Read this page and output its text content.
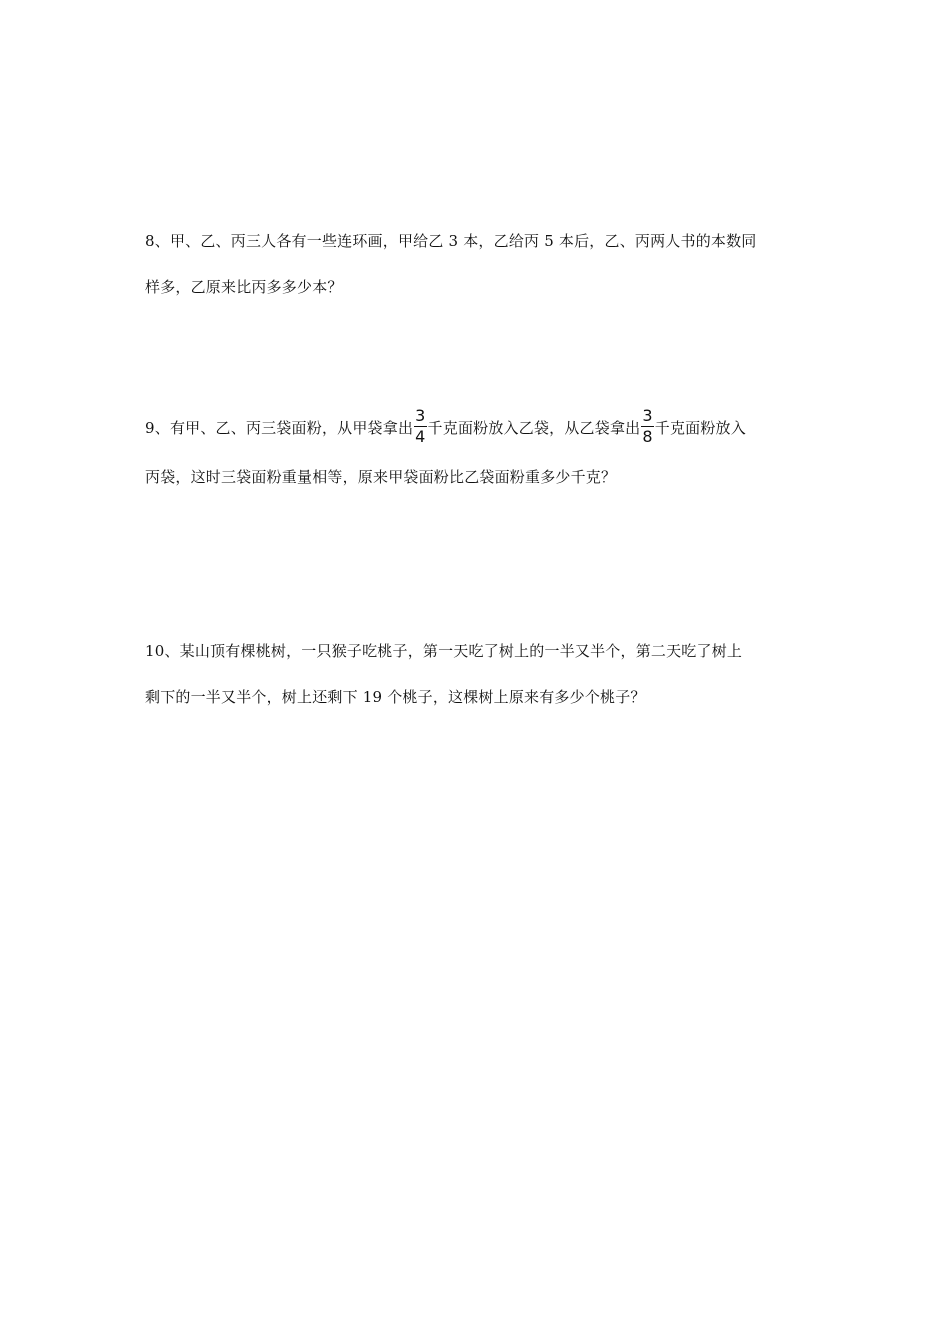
8、甲、乙、丙三人各有一些连环画，甲给乙 3 本，乙给丙 5 本后，乙、丙两人书的本数同
样多，乙原来比丙多多少本？
9、有甲、乙、丙三袋面粉，从甲袋拿出 $\frac{3}{4}$ 千克面粉放入乙袋，从乙袋拿出 $\frac{3}{8}$ 千克面粉放入
丙袋，这时三袋面粉重量相等，原来甲袋面粉比乙袋面粉重多少千克？
10、某山顶有棵桃树，一只猴子吃桃子，第一天吃了树上的一半又半个，第二天吃了树上
剩下的一半又半个，树上还剩下 19 个桃子，这棵树上原来有多少个桃子？
